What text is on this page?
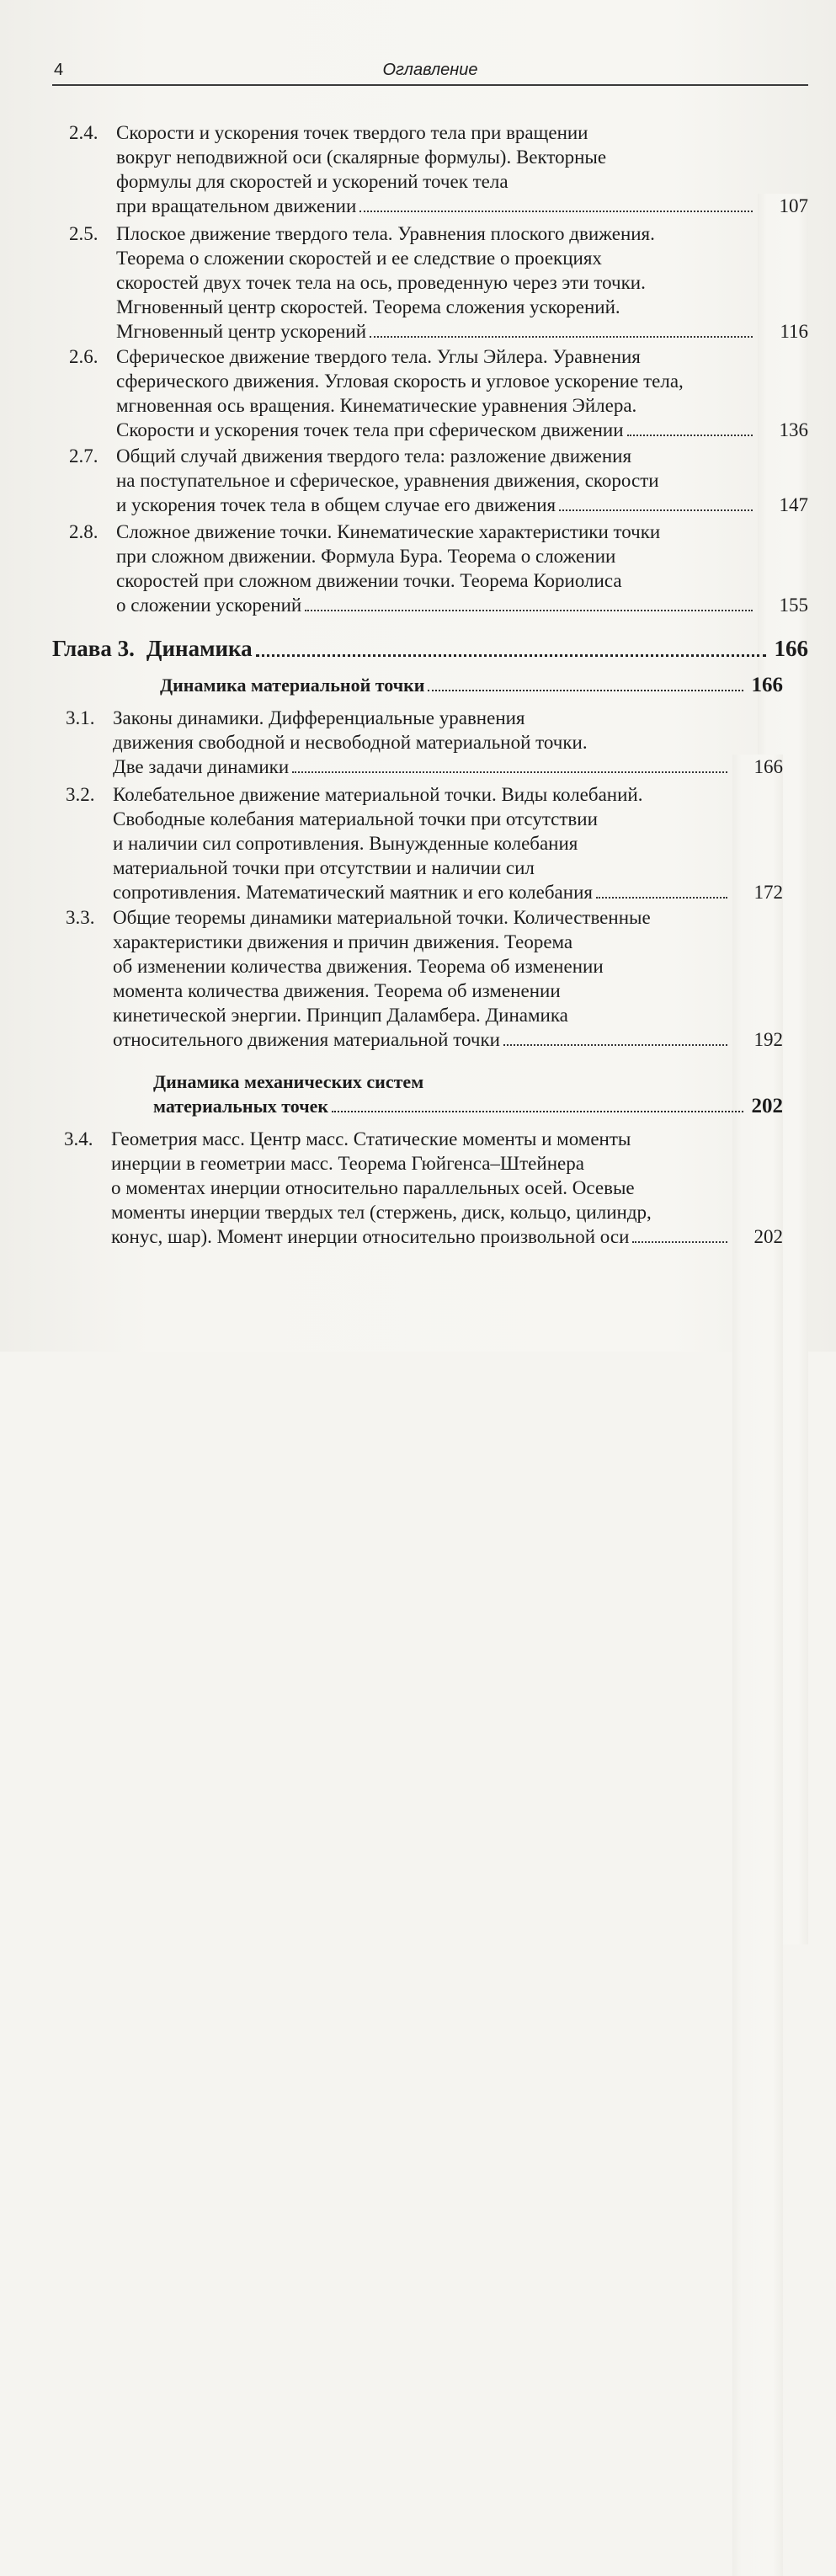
4	Оглавление
2.4. Скорости и ускорения точек твердого тела при вращении
вокруг неподвижной оси (скалярные формулы). Векторные
формулы для скоростей и ускорений точек тела
при вращательном движении	107
2.5. Плоское движение твердого тела. Уравнения плоского движения.
Теорема о сложении скоростей и ее следствие о проекциях
скоростей двух точек тела на ось, проведенную через эти точки.
Мгновенный центр скоростей. Теорема сложения ускорений.
Мгновенный центр ускорений	116
2.6. Сферическое движение твердого тела. Углы Эйлера. Уравнения
сферического движения. Угловая скорость и угловое ускорение тела,
мгновенная ось вращения. Кинематические уравнения Эйлера.
Скорости и ускорения точек тела при сферическом движении	136
2.7. Общий случай движения твердого тела: разложение движения
на поступательное и сферическое, уравнения движения, скорости
и ускорения точек тела в общем случае его движения	147
2.8. Сложное движение точки. Кинематические характеристики точки
при сложном движении. Формула Бура. Теорема о сложении
скоростей при сложном движении точки. Теорема Кориолиса
о сложении ускорений	155
Глава 3. Динамика	166
Динамика материальной точки	166
3.1. Законы динамики. Дифференциальные уравнения
движения свободной и несвободной материальной точки.
Две задачи динамики	166
3.2. Колебательное движение материальной точки. Виды колебаний.
Свободные колебания материальной точки при отсутствии
и наличии сил сопротивления. Вынужденные колебания
материальной точки при отсутствии и наличии сил
сопротивления. Математический маятник и его колебания	172
3.3. Общие теоремы динамики материальной точки. Количественные
характеристики движения и причин движения. Теорема
об изменении количества движения. Теорема об изменении
момента количества движения. Теорема об изменении
кинетической энергии. Принцип Даламбера. Динамика
относительного движения материальной точки	192
Динамика механических систем
материальных точек	202
3.4. Геометрия масс. Центр масс. Статические моменты и моменты
инерции в геометрии масс. Теорема Гюйгенса–Штейнера
о моментах инерции относительно параллельных осей. Осевые
моменты инерции твердых тел (стержень, диск, кольцо, цилиндр,
конус, шар). Момент инерции относительно произвольной оси	202
